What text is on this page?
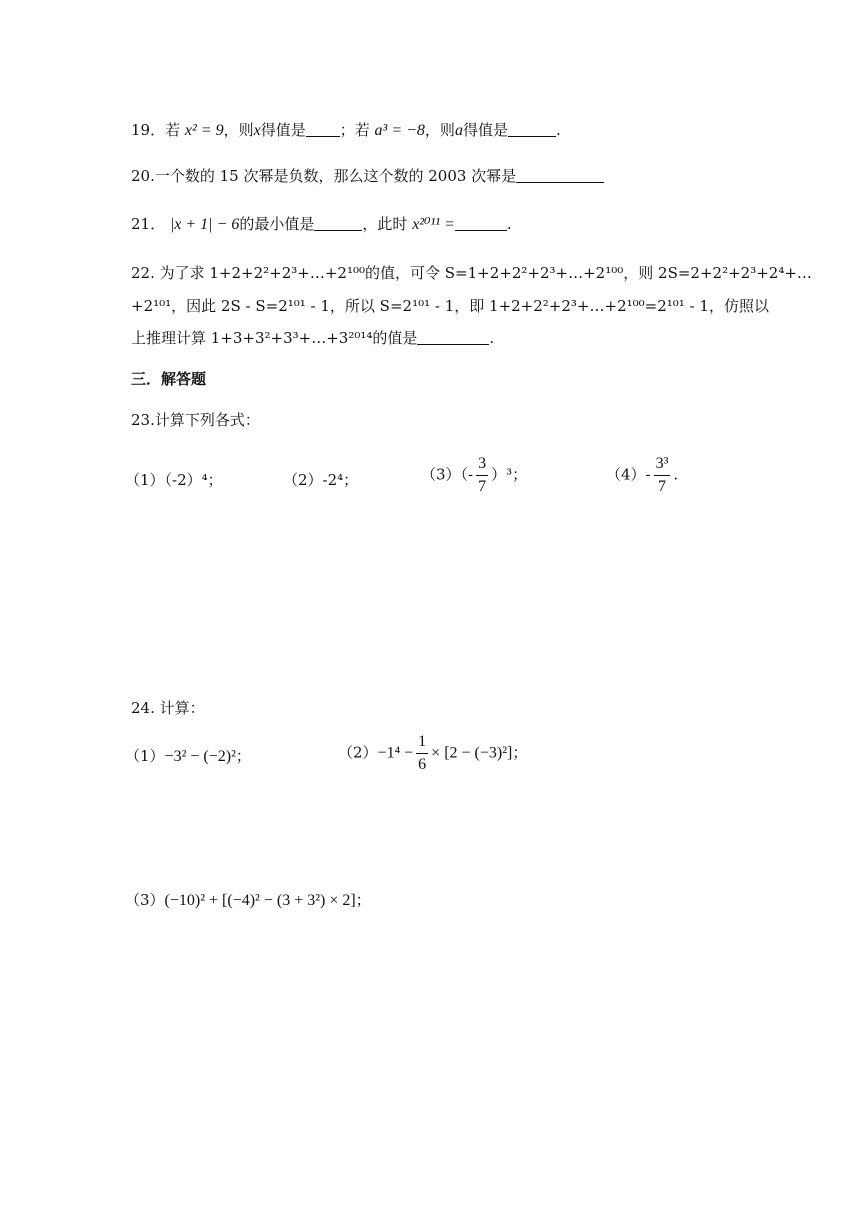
19．若 x² = 9，则x得值是 ；若 a³ = −8，则a得值是	.
20.一个数的 15 次幂是负数，那么这个数的 2003 次幂是
21． |x + 1| − 6的最小值是	，此时 x²⁰¹¹ =	.
22. 为了求 1+2+2²+2³+…+2¹⁰⁰的值，可令 S=1+2+2²+2³+…+2¹⁰⁰，则 2S=2+2²+2³+2⁴+…
+2¹⁰¹，因此 2S - S=2¹⁰¹ - 1，所以 S=2¹⁰¹ - 1，即 1+2+2²+2³+…+2¹⁰⁰=2¹⁰¹ - 1，仿照以
上推理计算 1+3+3²+3³+…+3²⁰¹⁴的值是	.
三．解答题
23.计算下列各式：
（1）（-2）⁴；	（2）-2⁴；	$(3)(- \frac{3}{7} )^3$；	$(4)- \frac{\text{3³}}{7}$ .
24. 计算：
（1）−3² − (−2)²；	$(2)-1^4 - \frac{1}{6} \times [2 - (-3)^2]$；
（3）(−10)² + [(−4)² − (3 + 3²) × 2]；
